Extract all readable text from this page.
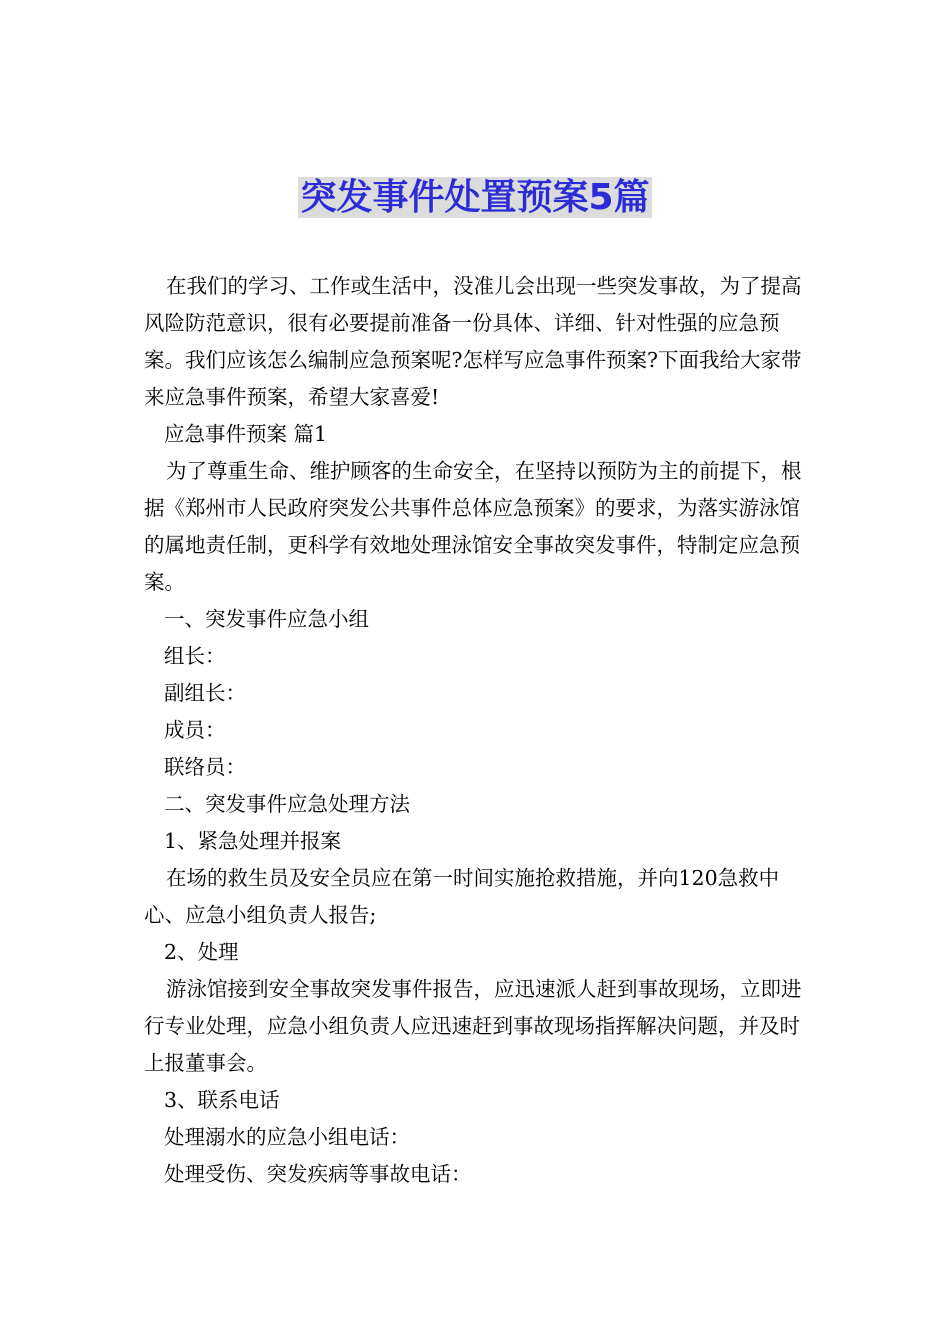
突发事件处置预案5篇

在我们的学习、工作或生活中，没准儿会出现一些突发事故，为了提高风险防范意识，很有必要提前准备一份具体、详细、针对性强的应急预案。我们应该怎么编制应急预案呢?怎样写应急事件预案?下面我给大家带来应急事件预案，希望大家喜爱!

应急事件预案 篇1

为了尊重生命、维护顾客的生命安全，在坚持以预防为主的前提下，根据《郑州市人民政府突发公共事件总体应急预案》的要求，为落实游泳馆的属地责任制，更科学有效地处理泳馆安全事故突发事件，特制定应急预案。

一、突发事件应急小组

组长：

副组长：

成员：

联络员：

二、突发事件应急处理方法

1、紧急处理并报案

在场的救生员及安全员应在第一时间实施抢救措施，并向120急救中心、应急小组负责人报告;

2、处理

游泳馆接到安全事故突发事件报告，应迅速派人赶到事故现场，立即进行专业处理，应急小组负责人应迅速赶到事故现场指挥解决问题，并及时上报董事会。

3、联系电话

处理溺水的应急小组电话：

处理受伤、突发疾病等事故电话：
